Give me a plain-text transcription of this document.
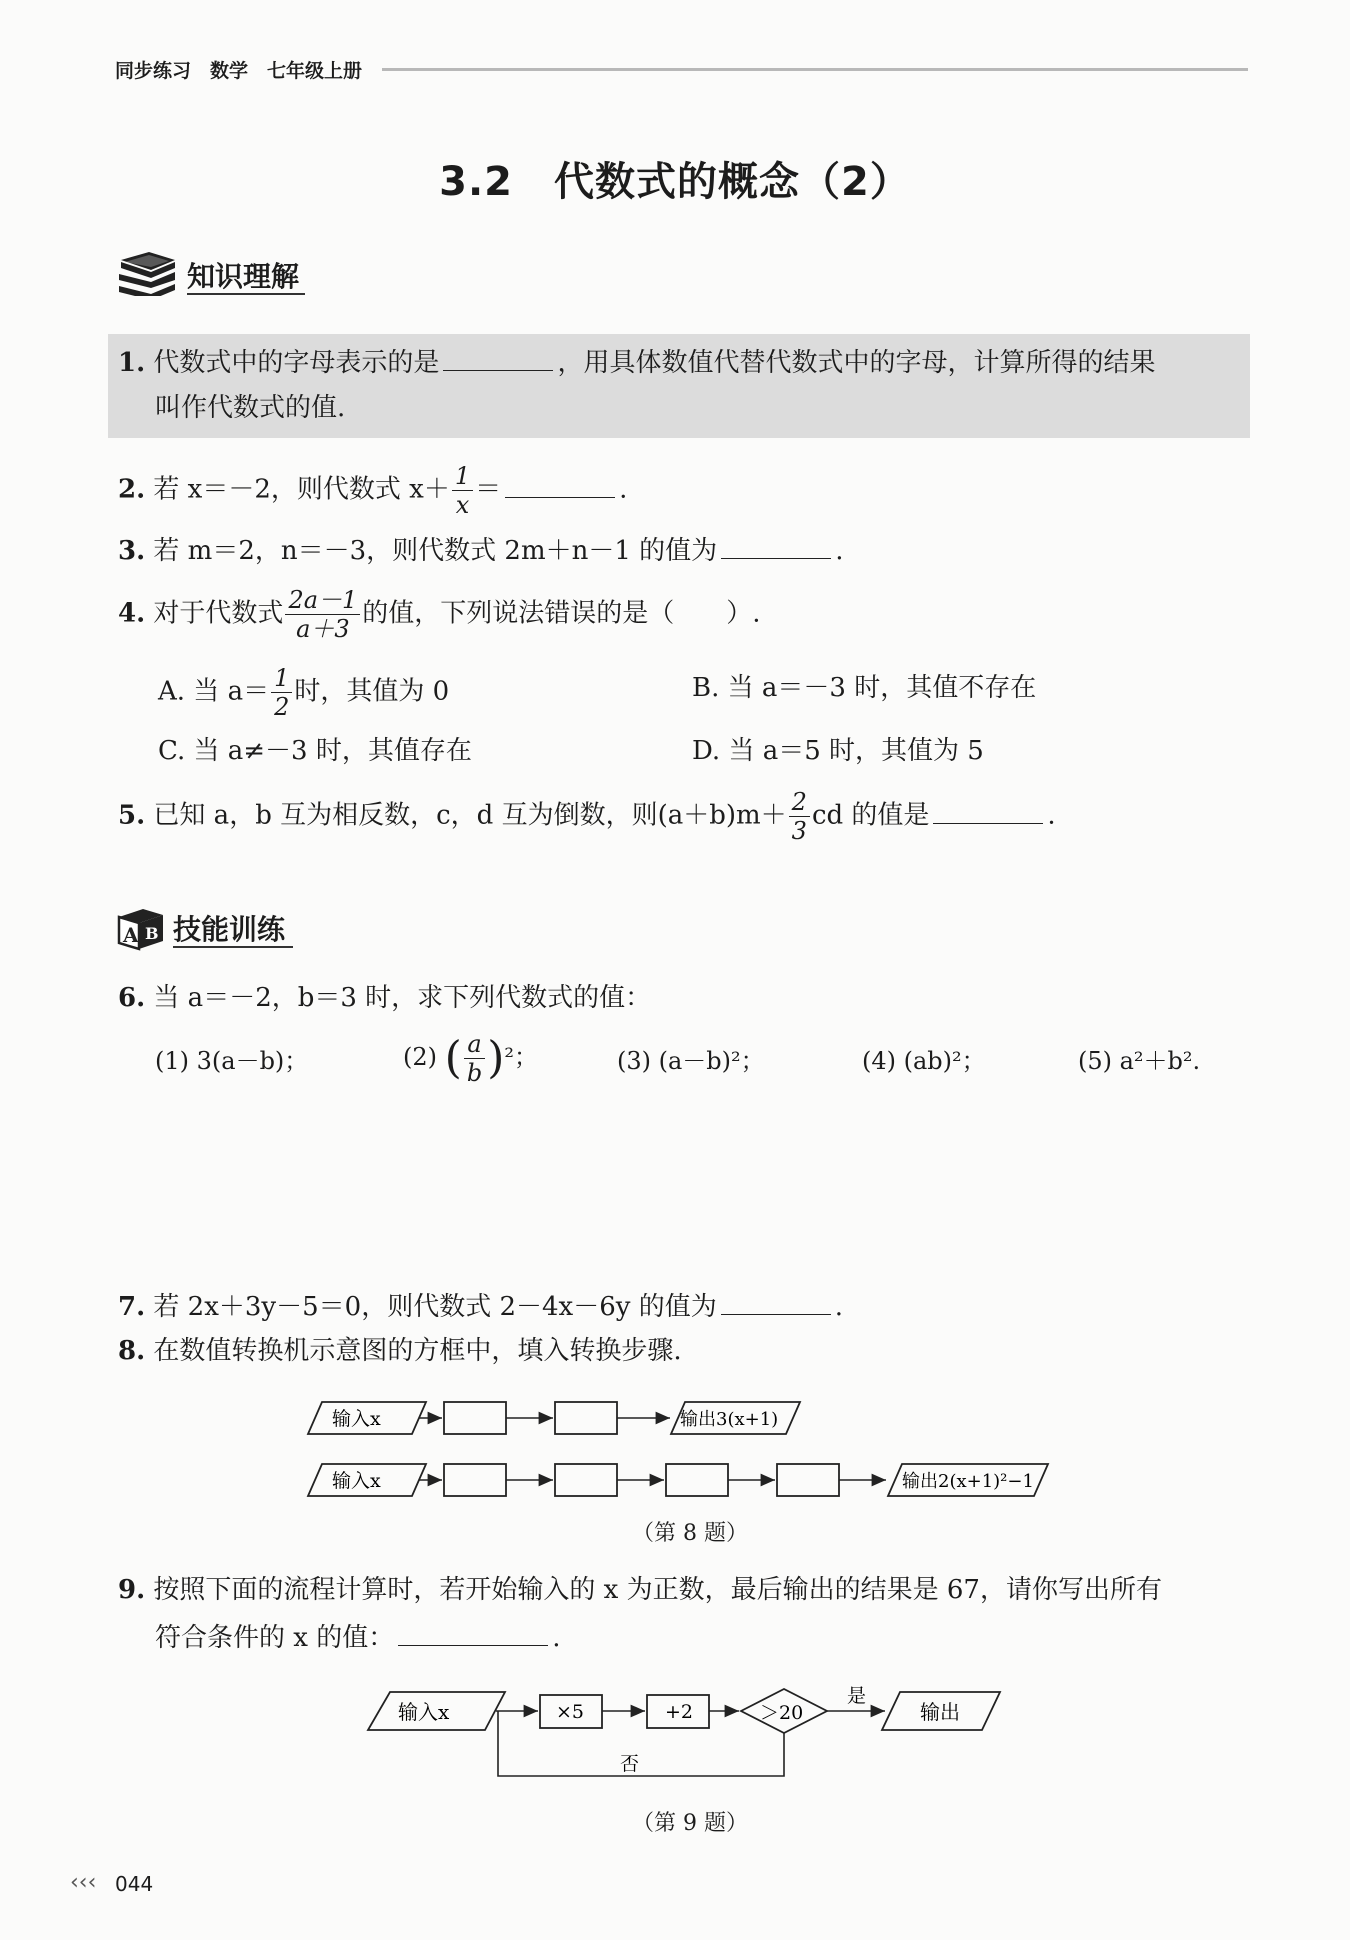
同步练习　数学　七年级上册
3.2　代数式的概念（2）
知识理解
1. 代数式中的字母表示的是	，用具体数值代替代数式中的字母，计算所得的结果
叫作代数式的值.
2. 若 x＝－2，则代数式 $x+ \frac{1}{x}$ ＝	.
3. 若 m＝2，n＝－3，则代数式 2m＋n－1 的值为	.
4. 对于代数式 $\frac{2a-1}{a+3}$ 的值，下列说法错误的是（　　）.
A. 当 $a= \frac{1}{2}$ 时，其值为 0	B. 当 a＝－3 时，其值不存在
C. 当 a≠－3 时，其值存在	D. 当 a＝5 时，其值为 5
5. 已知 a，b 互为相反数，c，d 互为倒数，则$(a+b)m+ \frac{2}{3}$ cd 的值是	.
A B 技能训练
6. 当 a＝－2，b＝3 时，求下列代数式的值：
(1) 3(a－b)；	(2) ( $\frac{a}{b} )^2$；	(3) (a－b)²；	(4) (ab)²；	(5) a²＋b².
7. 若 2x＋3y－5＝0，则代数式 2－4x－6y 的值为	.
8. 在数值转换机示意图的方框中，填入转换步骤.
输入x	输出3(x+1)
输入x	输出2(x+1)²−1
（第 8 题）
9. 按照下面的流程计算时，若开始输入的 x 为正数，最后输出的结果是 67，请你写出所有
符合条件的 x 的值：	.
输入x	×5	+2	＞20
是
输出
否
（第 9 题）
‹‹‹ 044
